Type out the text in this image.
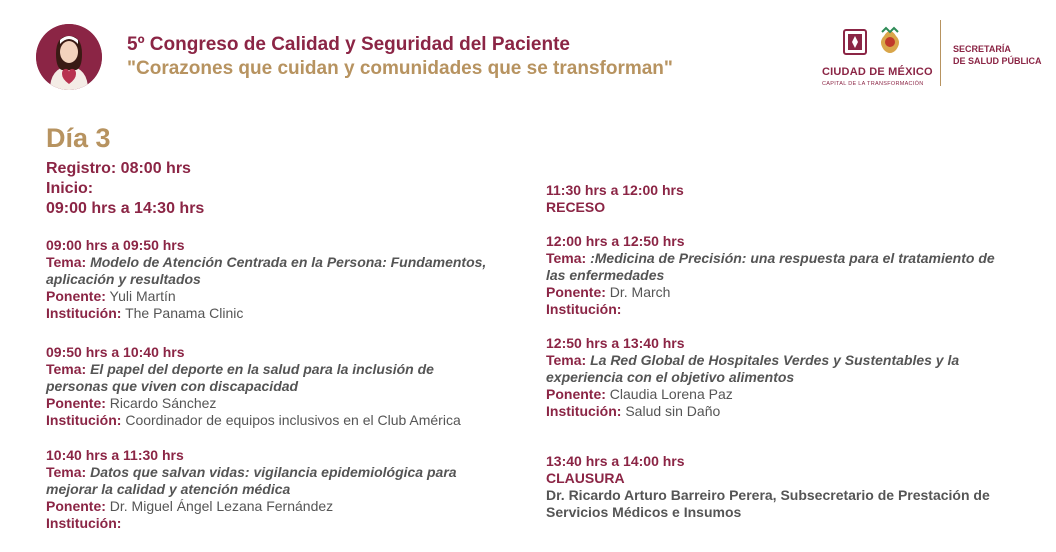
5º Congreso de Calidad y Seguridad del Paciente
"Corazones que cuidan y comunidades que se transforman"	CIUDAD DE MÉXICO
CAPITAL DE LA TRANSFORMACIÓN
SECRETARÍA
DE SALUD PÚBLICA
Día 3
Registro: 08:00 hrs
Inicio:
09:00 hrs a 14:30 hrs
09:00 hrs a 09:50 hrs
Tema: Modelo de Atención Centrada en la Persona: Fundamentos, aplicación y resultados
Ponente: Yuli Martín
Institución: The Panama Clinic
09:50 hrs a 10:40 hrs
Tema: El papel del deporte en la salud para la inclusión de personas que viven con discapacidad
Ponente: Ricardo Sánchez
Institución: Coordinador de equipos inclusivos en el Club América
10:40 hrs a 11:30 hrs
Tema: Datos que salvan vidas: vigilancia epidemiológica para mejorar la calidad y atención médica
Ponente: Dr. Miguel Ángel Lezana Fernández
Institución:
11:30 hrs a 12:00 hrs
RECESO
12:00 hrs a 12:50 hrs
Tema: :Medicina de Precisión: una respuesta para el tratamiento de las enfermedades
Ponente: Dr. March
Institución:
12:50 hrs a 13:40 hrs
Tema: La Red Global de Hospitales Verdes y Sustentables y la experiencia con el objetivo alimentos
Ponente: Claudia Lorena Paz
Institución: Salud sin Daño
13:40 hrs a 14:00 hrs
CLAUSURA
Dr. Ricardo Arturo Barreiro Perera, Subsecretario de Prestación de Servicios Médicos e Insumos
